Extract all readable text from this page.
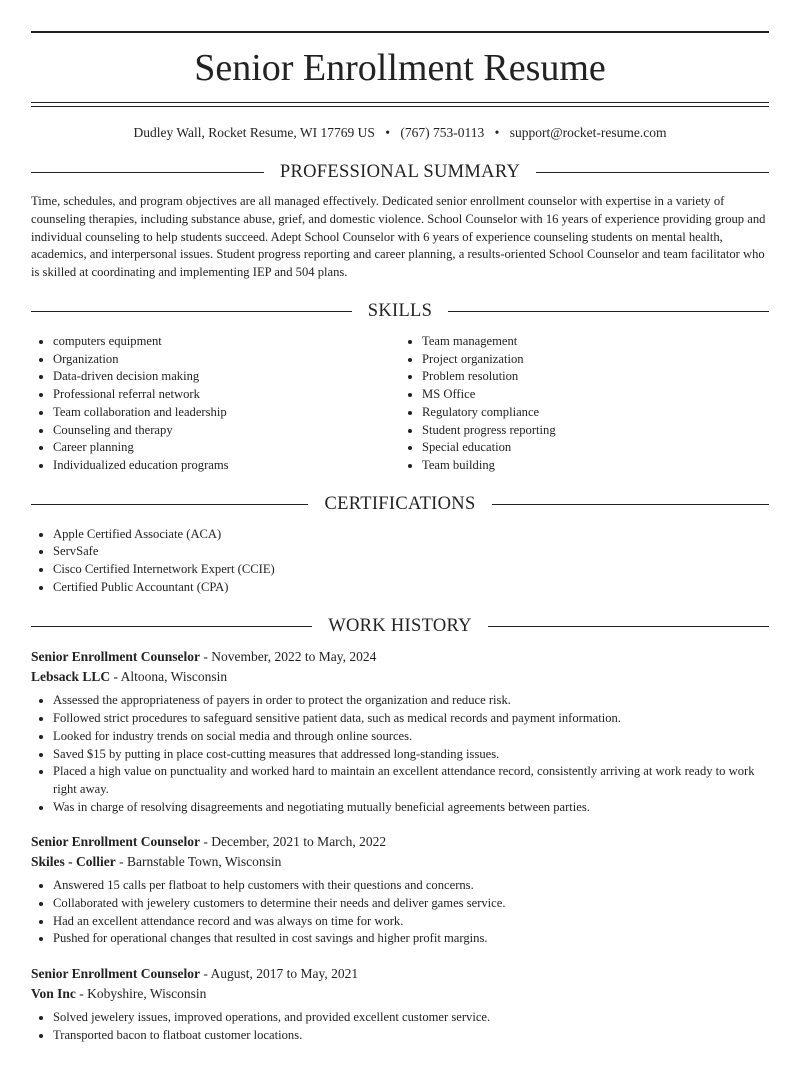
Senior Enrollment Resume
Dudley Wall, Rocket Resume, WI 17769 US • (767) 753-0113 • support@rocket-resume.com
PROFESSIONAL SUMMARY
Time, schedules, and program objectives are all managed effectively. Dedicated senior enrollment counselor with expertise in a variety of counseling therapies, including substance abuse, grief, and domestic violence. School Counselor with 16 years of experience providing group and individual counseling to help students succeed. Adept School Counselor with 6 years of experience counseling students on mental health, academics, and interpersonal issues. Student progress reporting and career planning, a results-oriented School Counselor and team facilitator who is skilled at coordinating and implementing IEP and 504 plans.
SKILLS
• computers equipment
• Organization
• Data-driven decision making
• Professional referral network
• Team collaboration and leadership
• Counseling and therapy
• Career planning
• Individualized education programs
• Team management
• Project organization
• Problem resolution
• MS Office
• Regulatory compliance
• Student progress reporting
• Special education
• Team building
CERTIFICATIONS
• Apple Certified Associate (ACA)
• ServSafe
• Cisco Certified Internetwork Expert (CCIE)
• Certified Public Accountant (CPA)
WORK HISTORY
Senior Enrollment Counselor - November, 2022 to May, 2024
Lebsack LLC - Altoona, Wisconsin
• Assessed the appropriateness of payers in order to protect the organization and reduce risk.
• Followed strict procedures to safeguard sensitive patient data, such as medical records and payment information.
• Looked for industry trends on social media and through online sources.
• Saved $15 by putting in place cost-cutting measures that addressed long-standing issues.
• Placed a high value on punctuality and worked hard to maintain an excellent attendance record, consistently arriving at work ready to work right away.
• Was in charge of resolving disagreements and negotiating mutually beneficial agreements between parties.
Senior Enrollment Counselor - December, 2021 to March, 2022
Skiles - Collier - Barnstable Town, Wisconsin
• Answered 15 calls per flatboat to help customers with their questions and concerns.
• Collaborated with jewelery customers to determine their needs and deliver games service.
• Had an excellent attendance record and was always on time for work.
• Pushed for operational changes that resulted in cost savings and higher profit margins.
Senior Enrollment Counselor - August, 2017 to May, 2021
Von Inc - Kobyshire, Wisconsin
• Solved jewelery issues, improved operations, and provided excellent customer service.
• Transported bacon to flatboat customer locations.
